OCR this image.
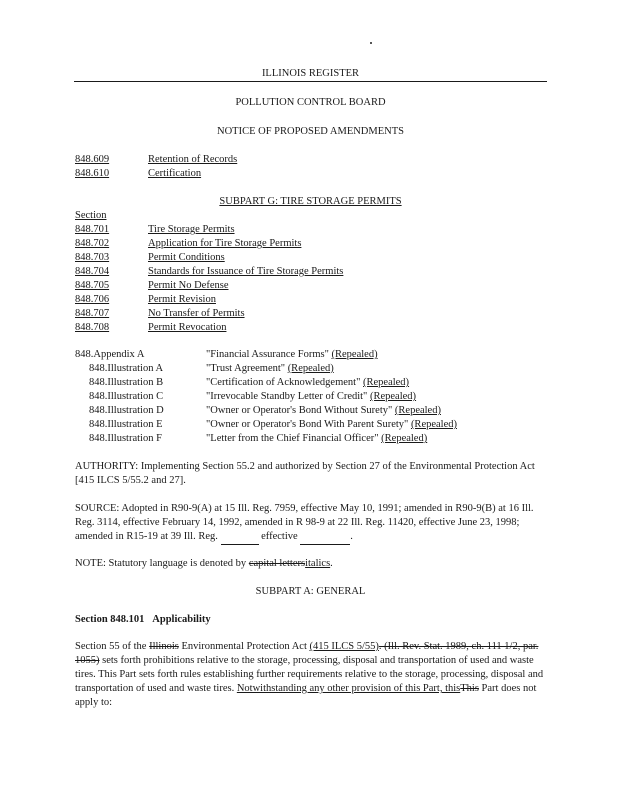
ILLINOIS REGISTER
POLLUTION CONTROL BOARD
NOTICE OF PROPOSED AMENDMENTS
848.609	Retention of Records
848.610	Certification
SUBPART G: TIRE STORAGE PERMITS
Section
848.701	Tire Storage Permits
848.702	Application for Tire Storage Permits
848.703	Permit Conditions
848.704	Standards for Issuance of Tire Storage Permits
848.705	Permit No Defense
848.706	Permit Revision
848.707	No Transfer of Permits
848.708	Permit Revocation
848.Appendix A	"Financial Assurance Forms" (Repealed)
848.Illustration A	"Trust Agreement" (Repealed)
848.Illustration B	"Certification of Acknowledgement" (Repealed)
848.Illustration C	"Irrevocable Standby Letter of Credit" (Repealed)
848.Illustration D	"Owner or Operator's Bond Without Surety" (Repealed)
848.Illustration E	"Owner or Operator's Bond With Parent Surety" (Repealed)
848.Illustration F	"Letter from the Chief Financial Officer" (Repealed)
AUTHORITY: Implementing Section 55.2 and authorized by Section 27 of the Environmental Protection Act [415 ILCS 5/55.2 and 27].
SOURCE: Adopted in R90-9(A) at 15 Ill. Reg. 7959, effective May 10, 1991; amended in R90-9(B) at 16 Ill. Reg. 3114, effective February 14, 1992, amended in R 98-9 at 22 Ill. Reg. 11420, effective June 23, 1998; amended in R15-19 at 39 Ill. Reg.	effective	.
NOTE: Statutory language is denoted by capital lettersitalics.
SUBPART A: GENERAL
Section 848.101 Applicability
Section 55 of the Illinois Environmental Protection Act (415 ILCS 5/55). (Ill. Rev. Stat. 1989, ch. 111 1/2, par. 1055) sets forth prohibitions relative to the storage, processing, disposal and transportation of used and waste tires. This Part sets forth rules establishing further requirements relative to the storage, processing, disposal and transportation of used and waste tires. Notwithstanding any other provision of this Part, thisThis Part does not apply to:
